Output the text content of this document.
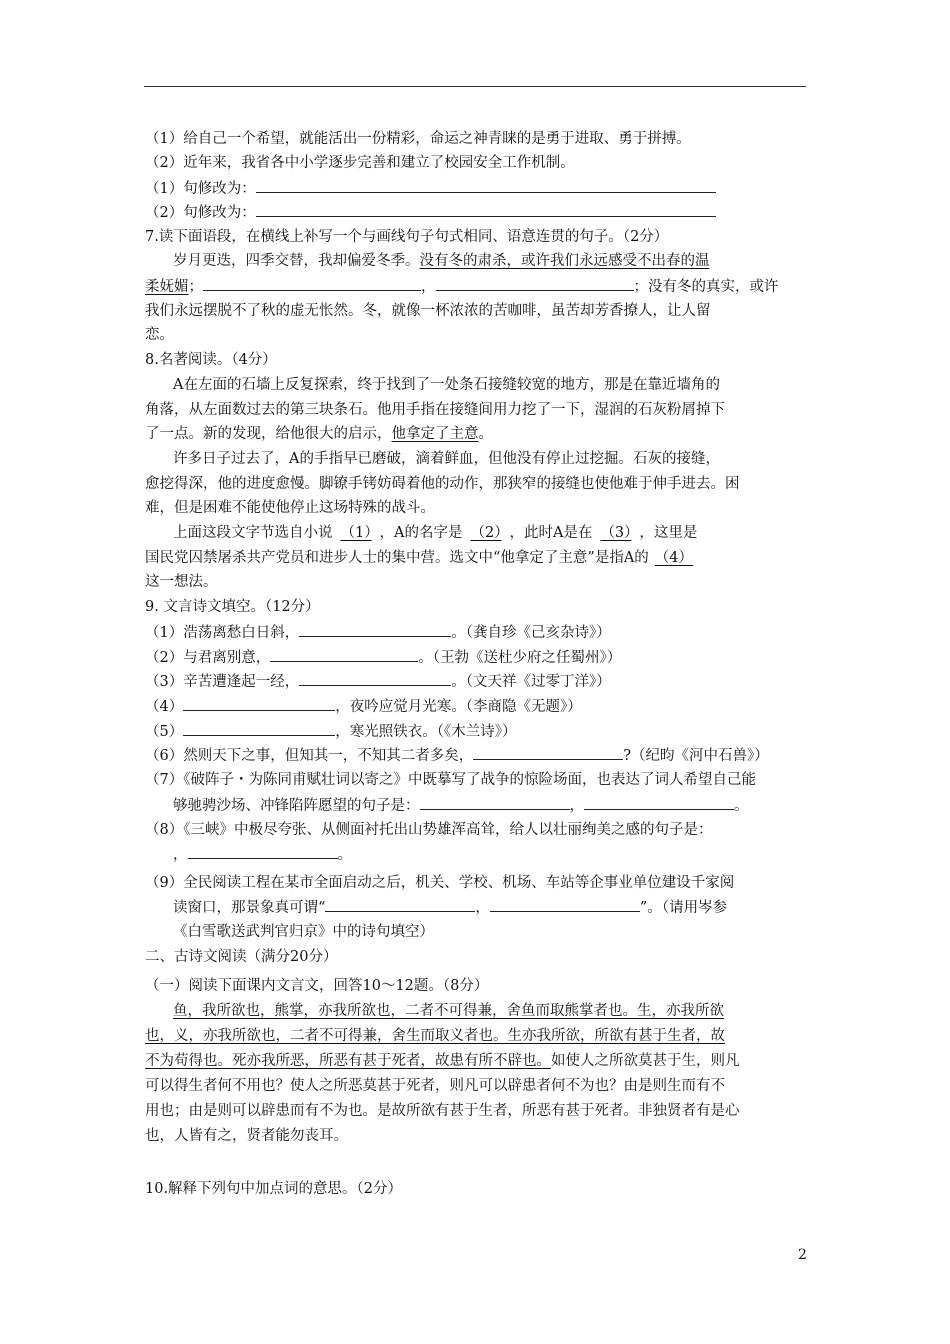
（1）给自己一个希望，就能活出一份精彩，命运之神青睐的是勇于进取、勇于拼搏。
（2）近年来，我省各中小学逐步完善和建立了校园安全工作机制。
（1）句修改为：
（2）句修改为：
7.读下面语段，在横线上补写一个与画线句子句式相同、语意连贯的句子。（2分）
岁月更迭，四季交替，我却偏爱冬季。没有冬的肃杀，或许我们永远感受不出春的温
柔妩媚；	，	；没有冬的真实，或许
我们永远摆脱不了秋的虚无怅然。冬，就像一杯浓浓的苦咖啡，虽苦却芳香撩人，让人留
恋。
8.名著阅读。（4分）
A在左面的石墙上反复探索，终于找到了一处条石接缝较宽的地方，那是在靠近墙角的
角落，从左面数过去的第三块条石。他用手指在接缝间用力挖了一下，湿润的石灰粉屑掉下
了一点。新的发现，给他很大的启示，他拿定了主意。
许多日子过去了，A的手指早已磨破，滴着鲜血，但他没有停止过挖掘。石灰的接缝，
愈挖得深，他的进度愈慢。脚镣手铐妨碍着他的动作，那狭窄的接缝也使他难于伸手进去。困
难，但是困难不能使他停止这场特殊的战斗。
上面这段文字节选自小说 （1） ，A的名字是 （2） ，此时A是在 （3） ，这里是
国民党囚禁屠杀共产党员和进步人士的集中营。选文中“他拿定了主意”是指A的 （4）
这一想法。
9. 文言诗文填空。（12分）
（1）浩荡离愁白日斜，	。（龚自珍《己亥杂诗》）
（2）与君离别意，	。（王勃《送杜少府之任蜀州》）
（3）辛苦遭逢起一经，	。（文天祥《过零丁洋》）
（4）	，夜吟应觉月光寒。（李商隐《无题》）
（5）	，寒光照铁衣。（《木兰诗》）
（6）然则天下之事，但知其一，不知其二者多矣，	?（纪昀《河中石兽》）
（7）《破阵子・为陈同甫赋壮词以寄之》中既摹写了战争的惊险场面，也表达了词人希望自己能
够驰骋沙场、冲锋陷阵愿望的句子是：	，	。
（8）《三峡》中极尽夸张、从侧面衬托出山势雄浑高耸，给人以壮丽绚美之感的句子是：
，	。
（9）全民阅读工程在某市全面启动之后，机关、学校、机场、车站等企事业单位建设千家阅
读窗口，那景象真可谓“	，	”。（请用岑参
《白雪歌送武判官归京》中的诗句填空）
二、古诗文阅读（满分20分）
（一）阅读下面课内文言文，回答10～12题。（8分）
鱼，我所欲也，熊掌，亦我所欲也，二者不可得兼，舍鱼而取熊掌者也。生，亦我所欲
也，义，亦我所欲也，二者不可得兼，舍生而取义者也。生亦我所欲，所欲有甚于生者，故
不为苟得也。死亦我所恶，所恶有甚于死者，故患有所不辟也。如使人之所欲莫甚于生，则凡
可以得生者何不用也？使人之所恶莫甚于死者，则凡可以辟患者何不为也？由是则生而有不
用也；由是则可以辟患而有不为也。是故所欲有甚于生者，所恶有甚于死者。非独贤者有是心
也，人皆有之，贤者能勿丧耳。
10.解释下列句中加点词的意思。（2分）
2
